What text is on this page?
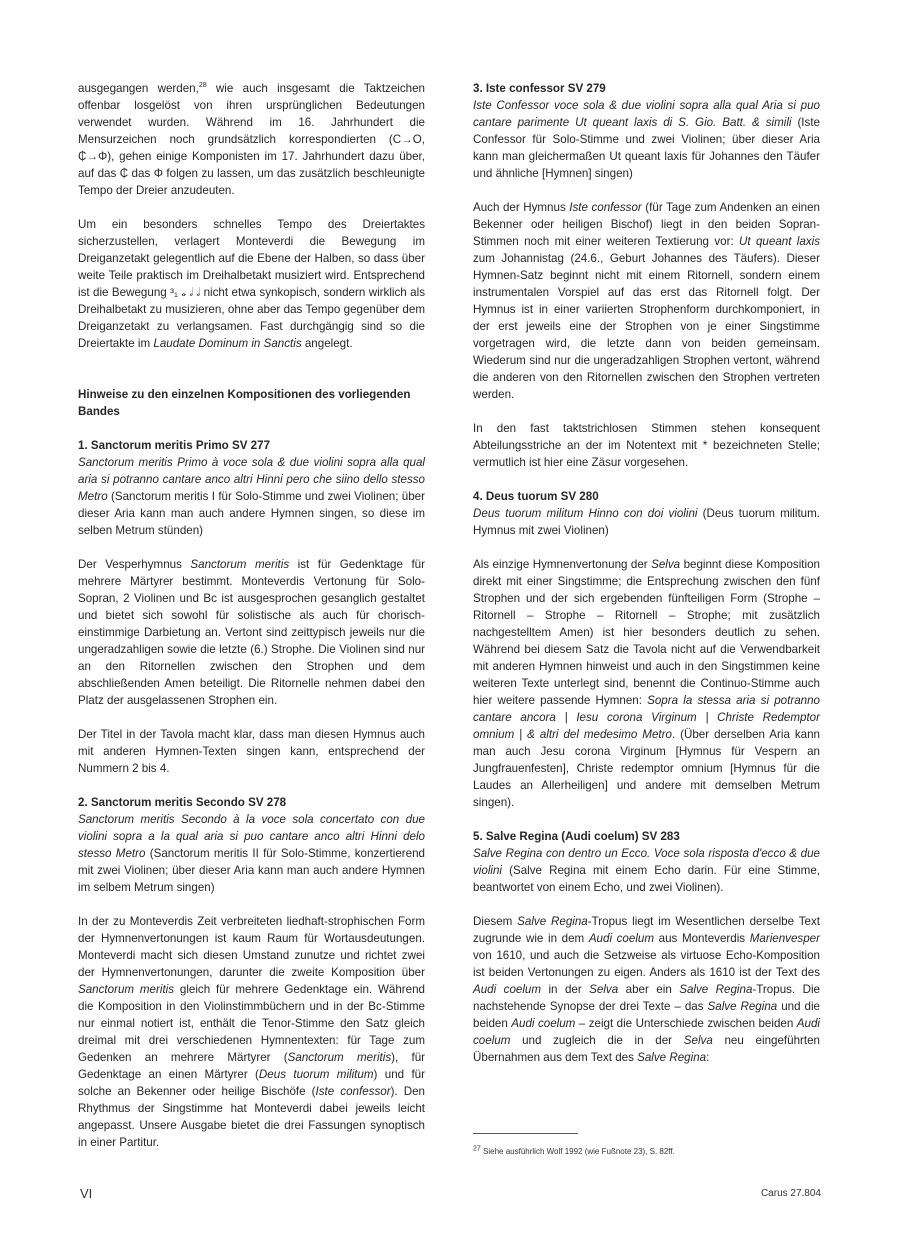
ausgegangen werden,$^{28}$ wie auch insgesamt die Taktzeichen offenbar losgelöst von ihren ursprünglichen Bedeutungen verwendet wurden. Während im 16. Jahrhundert die Mensurzeichen noch grundsätzlich korrespondierten (C→O, ₵→Φ), gehen einige Komponisten im 17. Jahrhundert dazu über, auf das ₵ das Φ folgen zu lassen, um das zusätzlich beschleunigte Tempo der Dreier anzudeuten.

Um ein besonders schnelles Tempo des Dreiertaktes sicherzustellen, verlagert Monteverdi die Bewegung im Dreiganzetakt gelegentlich auf die Ebene der Halben, so dass über weite Teile praktisch im Dreihalbetakt musiziert wird. Entsprechend ist die Bewegung ³₁ 𝅝 𝅗𝅥 𝅗𝅥 nicht etwa synkopisch, sondern wirklich als Dreihalbetakt zu musizieren, ohne aber das Tempo gegenüber dem Dreiganzetakt zu verlangsamen. Fast durchgängig sind so die Dreiertakte im Laudate Dominum in Sanctis angelegt.

Hinweise zu den einzelnen Kompositionen des vorliegenden Bandes
1. Sanctorum meritis Primo SV 277

Sanctorum meritis Primo à voce sola & due violini sopra alla qual aria si potranno cantare anco altri Hinni pero che siino dello stesso Metro (Sanctorum meritis I für Solo-Stimme und zwei Violinen; über dieser Aria kann man auch andere Hymnen singen, so diese im selben Metrum stünden)

Der Vesperhymnus Sanctorum meritis ist für Gedenktage für mehrere Märtyrer bestimmt. Monteverdis Vertonung für Solo-Sopran, 2 Violinen und Bc ist ausgesprochen gesanglich gestaltet und bietet sich sowohl für solistische als auch für chorisch-einstimmige Darbietung an. Vertont sind zeittypisch jeweils nur die ungeradzahligen sowie die letzte (6.) Strophe. Die Violinen sind nur an den Ritornellen zwischen den Strophen und dem abschließenden Amen beteiligt. Die Ritornelle nehmen dabei den Platz der ausgelassenen Strophen ein.

Der Titel in der Tavola macht klar, dass man diesen Hymnus auch mit anderen Hymnen-Texten singen kann, entsprechend der Nummern 2 bis 4.

2. Sanctorum meritis Secondo SV 278

Sanctorum meritis Secondo à la voce sola concertato con due violini sopra a la qual aria si puo cantare anco altri Hinni delo stesso Metro (Sanctorum meritis II für Solo-Stimme, konzertierend mit zwei Violinen; über dieser Aria kann man auch andere Hymnen im selbem Metrum singen)

In der zu Monteverdis Zeit verbreiteten liedhaft-strophischen Form der Hymnenvertonungen ist kaum Raum für Wortausdeutungen. Monteverdi macht sich diesen Umstand zunutze und richtet zwei der Hymnenvertonungen, darunter die zweite Komposition über Sanctorum meritis gleich für mehrere Gedenktage ein. Während die Komposition in den Violinstimmbüchern und in der Bc-Stimme nur einmal notiert ist, enthält die Tenor-Stimme den Satz gleich dreimal mit drei verschiedenen Hymnentexten: für Tage zum Gedenken an mehrere Märtyrer (Sanctorum meritis), für Gedenktage an einen Märtyrer (Deus tuorum militum) und für solche an Bekenner oder heilige Bischöfe (Iste confessor). Den Rhythmus der Singstimme hat Monteverdi dabei jeweils leicht angepasst. Unsere Ausgabe bietet die drei Fassungen synoptisch in einer Partitur.

3. Iste confessor SV 279

Iste Confessor voce sola & due violini sopra alla qual Aria si puo cantare parimente Ut queant laxis di S. Gio. Batt. & simili (Iste Confessor für Solo-Stimme und zwei Violinen; über dieser Aria kann man gleichermaßen Ut queant laxis für Johannes den Täufer und ähnliche [Hymnen] singen)

Auch der Hymnus Iste confessor (für Tage zum Andenken an einen Bekenner oder heiligen Bischof) liegt in den beiden Sopran-Stimmen noch mit einer weiteren Textierung vor: Ut queant laxis zum Johannistag (24.6., Geburt Johannes des Täufers). Dieser Hymnen-Satz beginnt nicht mit einem Ritornell, sondern einem instrumentalen Vorspiel auf das erst das Ritornell folgt. Der Hymnus ist in einer variierten Strophenform durchkomponiert, in der erst jeweils eine der Strophen von je einer Singstimme vorgetragen wird, die letzte dann von beiden gemeinsam. Wiederum sind nur die ungeradzahligen Strophen vertont, während die anderen von den Ritornellen zwischen den Strophen vertreten werden.

In den fast taktstrichlosen Stimmen stehen konsequent Abteilungsstriche an der im Notentext mit * bezeichneten Stelle; vermutlich ist hier eine Zäsur vorgesehen.

4. Deus tuorum SV 280

Deus tuorum militum Hinno con doi violini (Deus tuorum militum. Hymnus mit zwei Violinen)

Als einzige Hymnenvertonung der Selva beginnt diese Komposition direkt mit einer Singstimme; die Entsprechung zwischen den fünf Strophen und der sich ergebenden fünfteiligen Form (Strophe – Ritornell – Strophe – Ritornell – Strophe; mit zusätzlich nachgestelltem Amen) ist hier besonders deutlich zu sehen. Während bei diesem Satz die Tavola nicht auf die Verwendbarkeit mit anderen Hymnen hinweist und auch in den Singstimmen keine weiteren Texte unterlegt sind, benennt die Continuo-Stimme auch hier weitere passende Hymnen: Sopra la stessa aria si potranno cantare ancora | Iesu corona Virginum | Christe Redemptor omnium | & altri del medesimo Metro. (Über derselben Aria kann man auch Jesu corona Virginum [Hymnus für Vespern an Jungfrauenfesten], Christe redemptor omnium [Hymnus für die Laudes an Allerheiligen] und andere mit demselben Metrum singen).

5. Salve Regina (Audi coelum) SV 283

Salve Regina con dentro un Ecco. Voce sola risposta d'ecco & due violini (Salve Regina mit einem Echo darin. Für eine Stimme, beantwortet von einem Echo, und zwei Violinen).

Diesem Salve Regina-Tropus liegt im Wesentlichen derselbe Text zugrunde wie in dem Audi coelum aus Monteverdis Marienvesper von 1610, und auch die Setzweise als virtuose Echo-Komposition ist beiden Vertonungen zu eigen. Anders als 1610 ist der Text des Audi coelum in der Selva aber ein Salve Regina-Tropus. Die nachstehende Synopse der drei Texte – das Salve Regina und die beiden Audi coelum – zeigt die Unterschiede zwischen beiden Audi coelum und zugleich die in der Selva neu eingeführten Übernahmen aus dem Text des Salve Regina:

$^{27}$ Siehe ausführlich Wolf 1992 (wie Fußnote 23), S. 82ff.
VI	Carus 27.804
